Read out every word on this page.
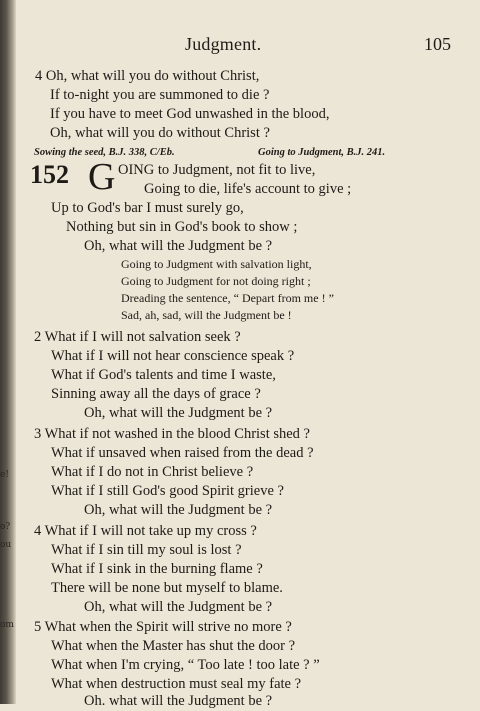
e!
o?
ou
om
Judgment.	105
4 Oh, what will you do without Christ,
If to-night you are summoned to die ?
If you have to meet God unwashed in the blood,
Oh, what will you do without Christ ?
Sowing the seed, B.J. 338, C/Eb.	Going to Judgment, B.J. 241.
152 G OING to Judgment, not fit to live,
Going to die, life's account to give ;
Up to God's bar I must surely go,
Nothing but sin in God's book to show ;
Oh, what will the Judgment be ?
Going to Judgment with salvation light,
Going to Judgment for not doing right ;
Dreading the sentence, “ Depart from me ! ”
Sad, ah, sad, will the Judgment be !
2 What if I will not salvation seek ?
What if I will not hear conscience speak ?
What if God's talents and time I waste,
Sinning away all the days of grace ?
Oh, what will the Judgment be ?
3 What if not washed in the blood Christ shed ?
What if unsaved when raised from the dead ?
What if I do not in Christ believe ?
What if I still God's good Spirit grieve ?
Oh, what will the Judgment be ?
4 What if I will not take up my cross ?
What if I sin till my soul is lost ?
What if I sink in the burning flame ?
There will be none but myself to blame.
Oh, what will the Judgment be ?
5 What when the Spirit will strive no more ?
What when the Master has shut the door ?
What when I'm crying, “ Too late ! too late ? ”
What when destruction must seal my fate ?
Oh. what will the Judgment be ?
